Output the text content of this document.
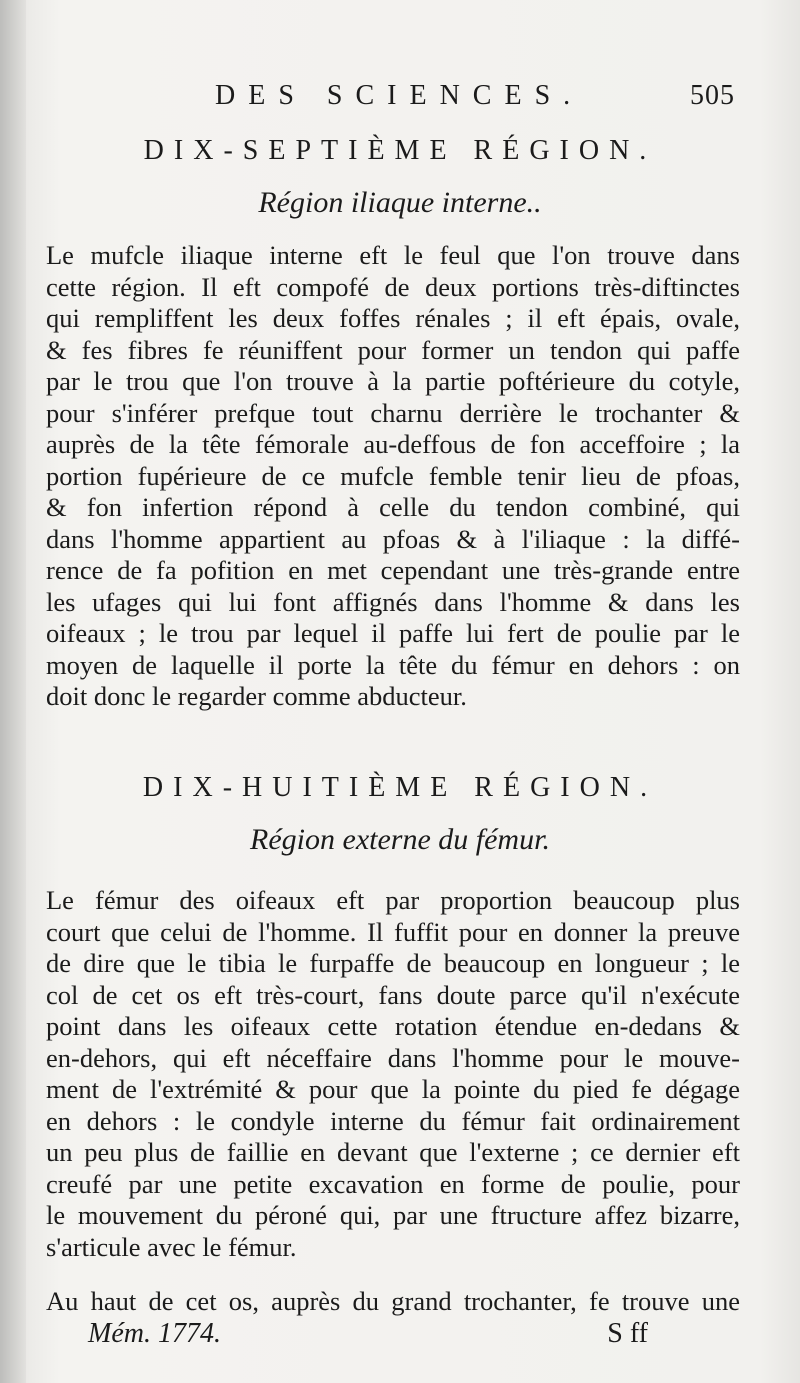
DES SCIENCES.	505
DIX-SEPTIÈME RÉGION.
Région iliaque interne..
Le mufcle iliaque interne eft le feul que l'on trouve dans
cette région. Il eft compofé de deux portions très-diftinctes
qui rempliffent les deux foffes rénales ; il eft épais, ovale,
& fes fibres fe réuniffent pour former un tendon qui paffe
par le trou que l'on trouve à la partie poftérieure du cotyle,
pour s'inférer prefque tout charnu derrière le trochanter &
auprès de la tête fémorale au-deffous de fon acceffoire ; la
portion fupérieure de ce mufcle femble tenir lieu de pfoas,
& fon infertion répond à celle du tendon combiné, qui
dans l'homme appartient au pfoas & à l'iliaque : la diffé-
rence de fa pofition en met cependant une très-grande entre
les ufages qui lui font affignés dans l'homme & dans les
oifeaux ; le trou par lequel il paffe lui fert de poulie par le
moyen de laquelle il porte la tête du fémur en dehors : on
doit donc le regarder comme abducteur.
DIX-HUITIÈME RÉGION.
Région externe du fémur.
Le fémur des oifeaux eft par proportion beaucoup plus
court que celui de l'homme. Il fuffit pour en donner la preuve
de dire que le tibia le furpaffe de beaucoup en longueur ; le
col de cet os eft très-court, fans doute parce qu'il n'exécute
point dans les oifeaux cette rotation étendue en-dedans &
en-dehors, qui eft néceffaire dans l'homme pour le mouve-
ment de l'extrémité & pour que la pointe du pied fe dégage
en dehors : le condyle interne du fémur fait ordinairement
un peu plus de faillie en devant que l'externe ; ce dernier eft
creufé par une petite excavation en forme de poulie, pour
le mouvement du péroné qui, par une ftructure affez bizarre,
s'articule avec le fémur.
Au haut de cet os, auprès du grand trochanter, fe trouve une
Mém. 1774.	S ff
